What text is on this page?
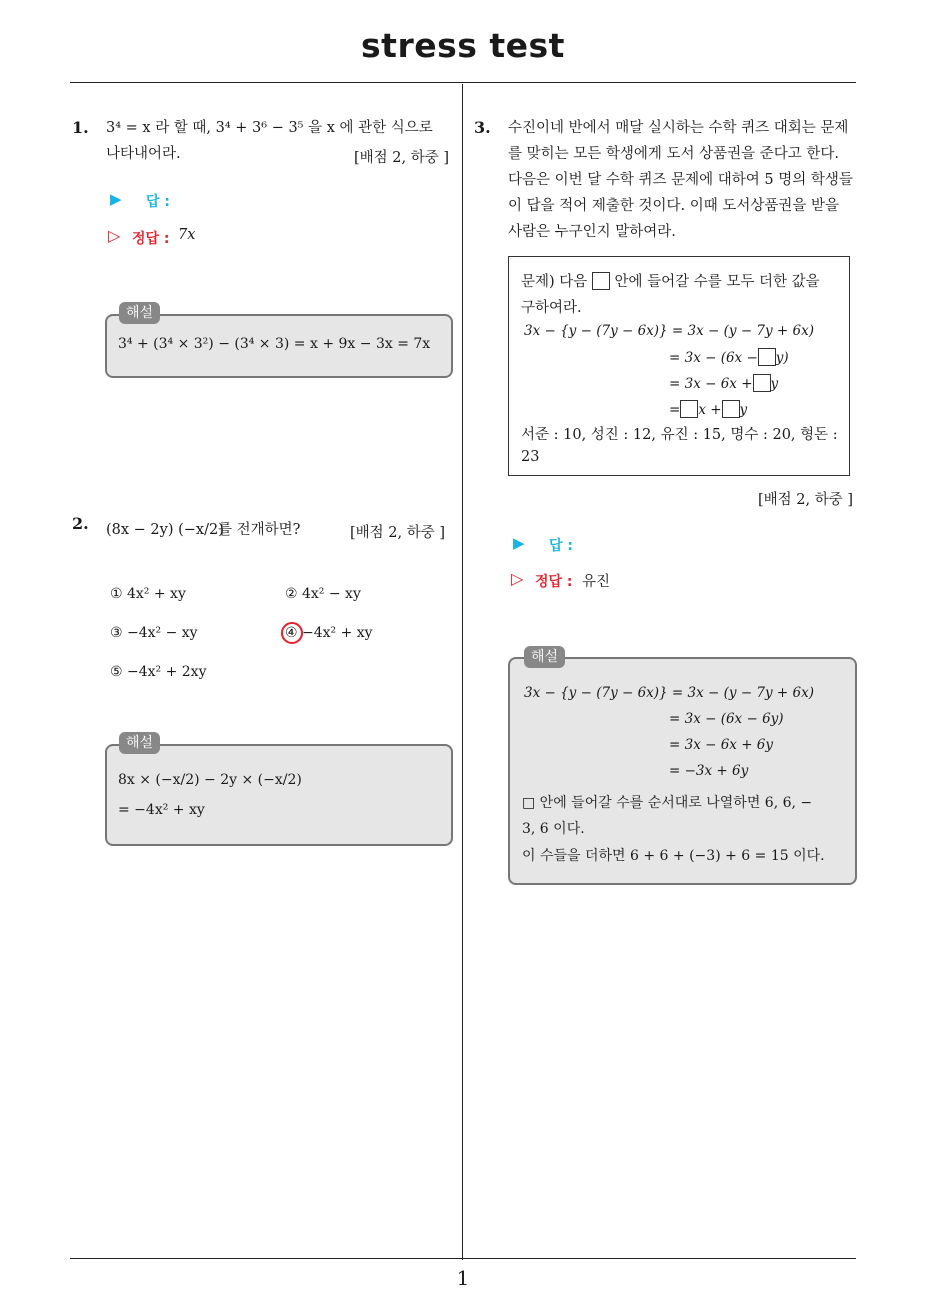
stress test
1
1. 3⁴ = x 라 할 때, 3⁴ + 3⁶ − 3⁵ 을 x 에 관한 식으로
나타내어라.	[배점 2, 하중 ]
▶ 답 :
▷ 정답 : 7x
해설
3⁴ + (3⁴ × 3²) − (3⁴ × 3) = x + 9x − 3x = 7x
2. (8x − 2y) (−x/2)
를 전개하면?	[배점 2, 하중 ]
① 4x² + xy	② 4x² − xy
③ −4x² − xy	④ −4x² + xy
⑤ −4x² + 2xy
해설
8x × (−x/2) − 2y × (−x/2)
= −4x² + xy
3. 수진이네 반에서 매달 실시하는 수학 퀴즈 대회는 문제
를 맞히는 모든 학생에게 도서 상품권을 준다고 한다.
다음은 이번 달 수학 퀴즈 문제에 대하여 5 명의 학생들
이 답을 적어 제출한 것이다. 이때 도서상품권을 받을
사람은 누구인지 말하여라.
문제) 다음 안에 들어갈 수를 모두 더한 값을
구하여라.
3x − {y − (7y − 6x)} = 3x − (y − 7y + 6x)
= 3x − (6x − y)
= 3x − 6x + y
= x + y
서준 : 10, 성진 : 12, 유진 : 15, 명수 : 20, 형돈 :
23
[배점 2, 하중 ]
▶ 답 :
▷ 정답 : 유진
해설
3x − {y − (7y − 6x)} = 3x − (y − 7y + 6x)
= 3x − (6x − 6y)
= 3x − 6x + 6y
= −3x + 6y
□ 안에 들어갈 수를 순서대로 나열하면 6, 6, −
3, 6 이다.
이 수들을 더하면 6 + 6 + (−3) + 6 = 15 이다.
